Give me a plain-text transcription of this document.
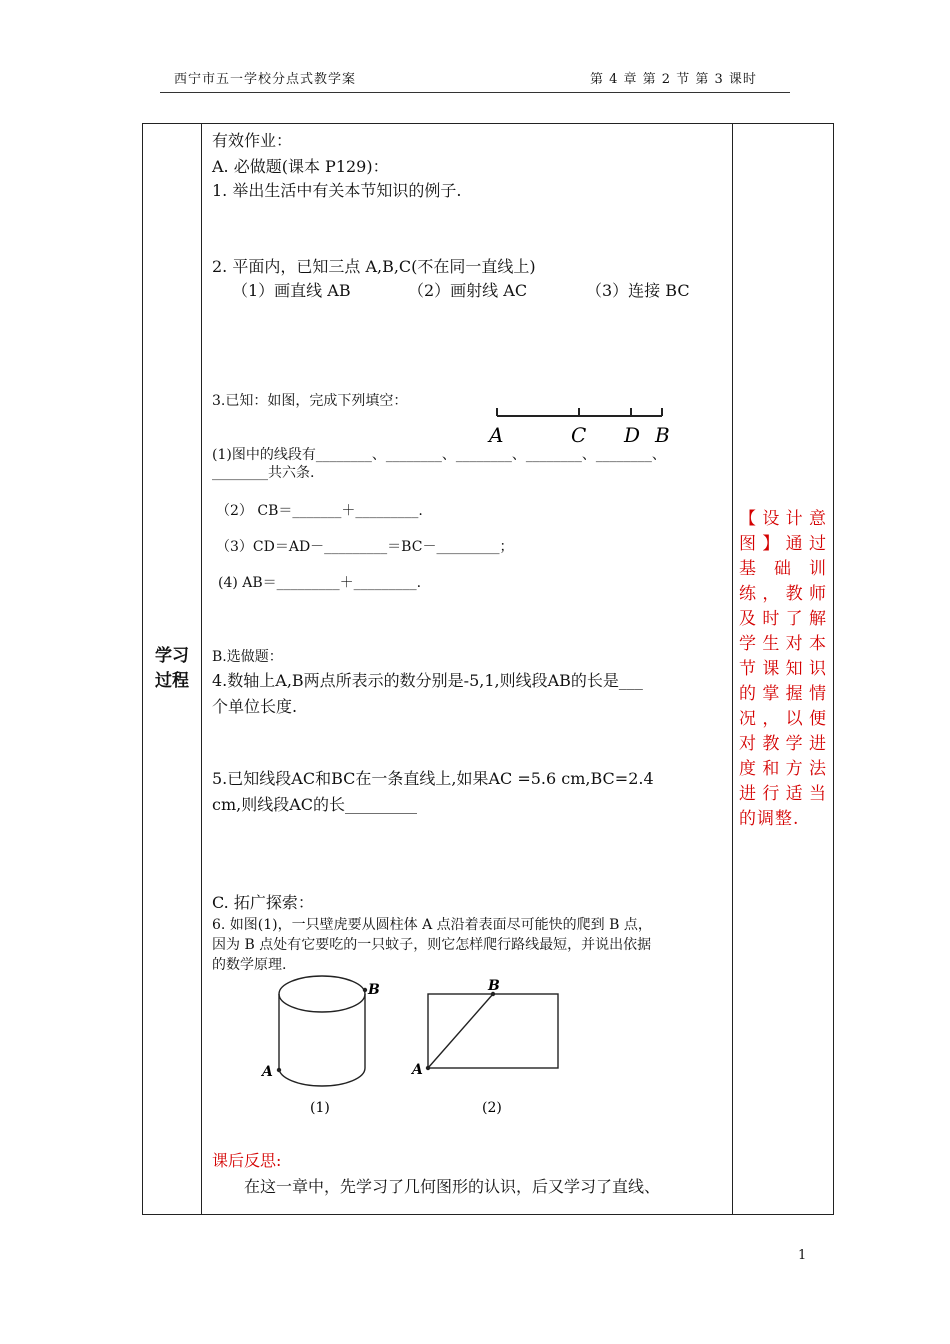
西宁市五一学校分点式教学案	第 4 章 第 2 节 第 3 课时
学习
过程

有效作业：
A. 必做题(课本 P129)：
1. 举出生活中有关本节知识的例子.
2. 平面内，已知三点 A,B,C(不在同一直线上)
（1）画直线 AB	（2）画射线 AC	（3）连接 BC
3.已知：如图，完成下列填空：
A	C D B
(1)图中的线段有________、________、________、________、________、
________共六条.
（2） CB＝_______＋_________.
（3）CD＝AD－_________＝BC－_________；
(4) AB＝_________＋_________.
B.选做题：
4.数轴上A,B两点所表示的数分别是-5,1,则线段AB的长是___
个单位长度.
5.已知线段AC和BC在一条直线上,如果AC =5.6 cm,BC=2.4
cm,则线段AC的长_________
C. 拓广探索：
6. 如图(1)，一只壁虎要从圆柱体 A 点沿着表面尽可能快的爬到 B 点，
因为 B 点处有它要吃的一只蚊子，则它怎样爬行路线最短，并说出依据
的数学原理.
B
A
(1)
B
A
(2)
课后反思:
在这一章中，先学习了几何图形的认识，后又学习了直线、

【设计意图】通过基础训练，教师及时了解学生对本节课知识的掌握情况，以便对教学进度和方法进行适当的调整.
1
